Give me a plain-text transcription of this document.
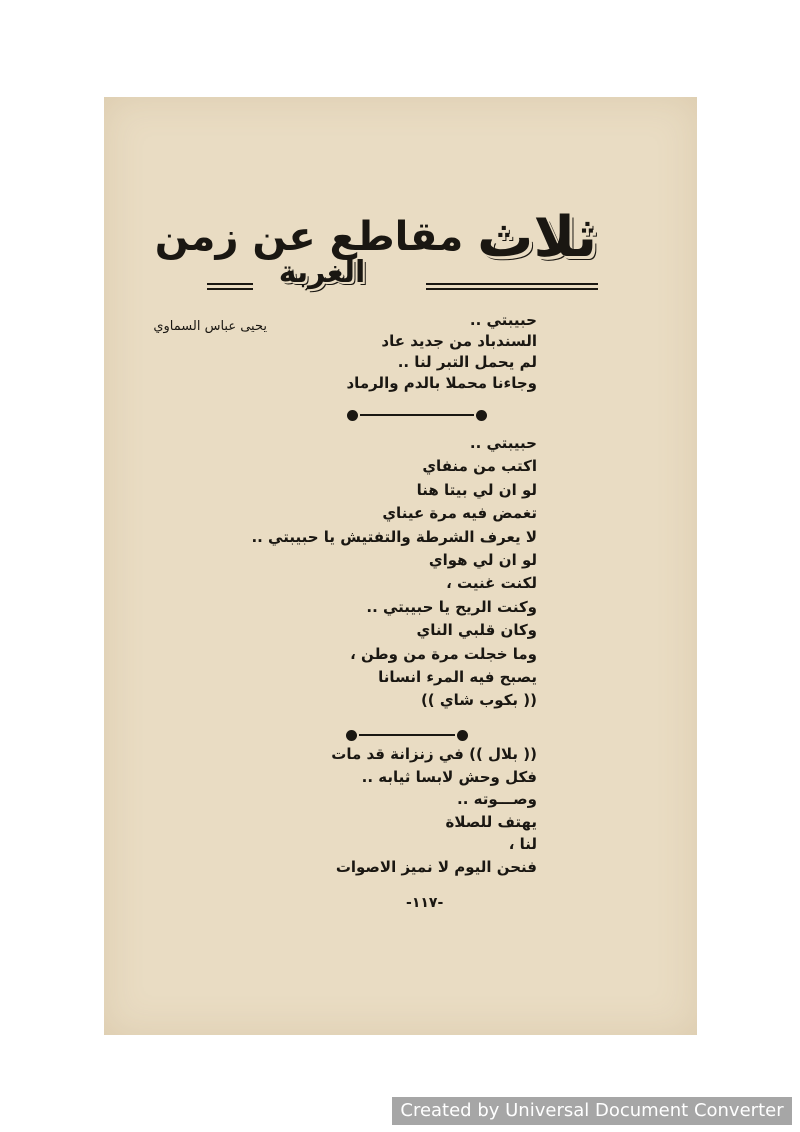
ثلاث مقاطع عن زمن
الغربة
يحيى عباس السماوي	حبيبتي ..
السندباد من جديد عاد
لم يحمل التبر لنا ..
وجاءنا محملا بالدم والرماد
حبيبتي ..
اكتب من منفاي
لو ان لي بيتا هنا
تغمض فيه مرة عيناي
لا يعرف الشرطة والتفتيش يا حبيبتي ..
لو ان لي هواي
لكنت غنيت ،
وكنت الريح يا حبيبتي ..
وكان قلبي الناي
وما خجلت مرة من وطن ،
يصبح فيه المرء انسانا
(( بكوب شاي ))
(( بلال )) في زنزانة قد مات
فكل وحش لابسا ثيابه ..
وصـــوته ..
يهتف للصلاة
لنا ،
فنحن اليوم لا نميز الاصوات
-١١٧-
Created by Universal Document Converter
